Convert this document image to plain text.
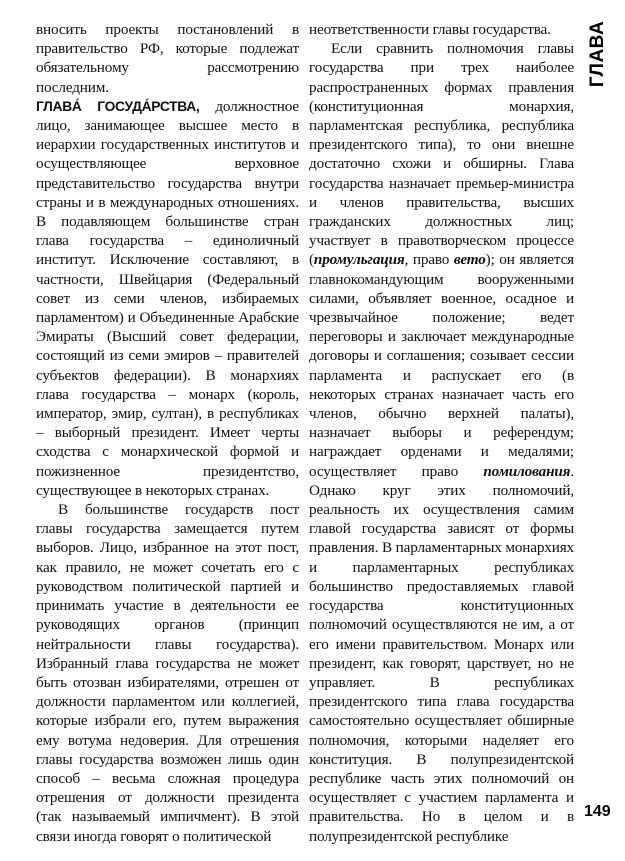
ГЛАВА

вносить проекты постановлений в правительство РФ, которые подлежат обязательному рассмотрению последним.

ГЛАВÁ ГОСУДÁРСТВА, должностное лицо, занимающее высшее место в иерархии государственных институтов и осуществляющее верховное представительство государства внутри страны и в международных отношениях. В подавляющем большинстве стран глава государства – единоличный институт. Исключение составляют, в частности, Швейцария (Федеральный совет из семи членов, избираемых парламентом) и Объединенные Арабские Эмираты (Высший совет федерации, состоящий из семи эмиров – правителей субъектов федерации). В монархиях глава государства – монарх (король, император, эмир, султан), в республиках – выборный президент. Имеет черты сходства с монархической формой и пожизненное президентство, существующее в некоторых странах.

В большинстве государств пост главы государства замещается путем выборов. Лицо, избранное на этот пост, как правило, не может сочетать его с руководством политической партией и принимать участие в деятельности ее руководящих органов (принцип нейтральности главы государства). Избранный глава государства не может быть отозван избирателями, отрешен от должности парламентом или коллегией, которые избрали его, путем выражения ему вотума недоверия. Для отрешения главы государства возможен лишь один способ – весьма сложная процедура отрешения от должности президента (так называемый импичмент). В этой связи иногда говорят о политической

неответственности главы государства.

Если сравнить полномочия главы государства при трех наиболее распространенных формах правления (конституционная монархия, парламентская республика, республика президентского типа), то они внешне достаточно схожи и обширны. Глава государства назначает премьер-министра и членов правительства, высших гражданских должностных лиц; участвует в правотворческом процессе (промульгация, право вето); он является главнокомандующим вооруженными силами, объявляет военное, осадное и чрезвычайное положение; ведет переговоры и заключает международные договоры и соглашения; созывает сессии парламента и распускает его (в некоторых странах назначает часть его членов, обычно верхней палаты), назначает выборы и референдум; награждает орденами и медалями; осуществляет право помилования. Однако круг этих полномочий, реальность их осуществления самим главой государства зависят от формы правления. В парламентарных монархиях и парламентарных республиках большинство предоставляемых главой государства конституционных полномочий осуществляются не им, а от его имени правительством. Монарх или президент, как говорят, царствует, но не управляет. В республиках президентского типа глава государства самостоятельно осуществляет обширные полномочия, которыми наделяет его конституция. В полупрезидентской республике часть этих полномочий он осуществляет с участием парламента и правительства. Но в целом и в полупрезидентской республике

149
